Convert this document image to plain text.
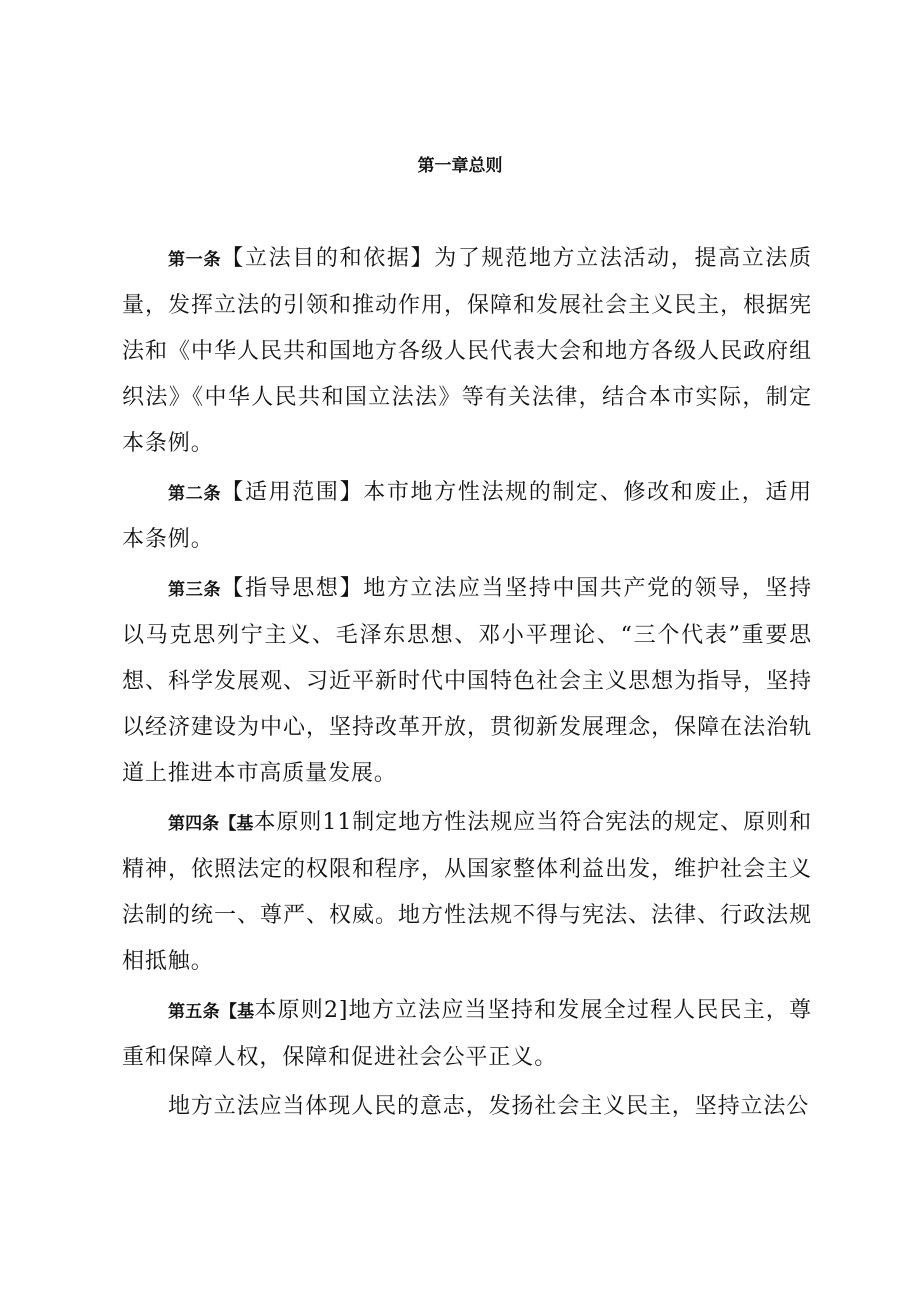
第一章总则

第一条【立法目的和依据】为了规范地方立法活动，提高立法质量，发挥立法的引领和推动作用，保障和发展社会主义民主，根据宪法和《中华人民共和国地方各级人民代表大会和地方各级人民政府组织法》《中华人民共和国立法法》等有关法律，结合本市实际，制定本条例。

第二条【适用范围】本市地方性法规的制定、修改和废止，适用本条例。

第三条【指导思想】地方立法应当坚持中国共产党的领导，坚持以马克思列宁主义、毛泽东思想、邓小平理论、“三个代表”重要思想、科学发展观、习近平新时代中国特色社会主义思想为指导，坚持以经济建设为中心，坚持改革开放，贯彻新发展理念，保障在法治轨道上推进本市高质量发展。

第四条【基本原则11制定地方性法规应当符合宪法的规定、原则和精神，依照法定的权限和程序，从国家整体利益出发，维护社会主义法制的统一、尊严、权威。地方性法规不得与宪法、法律、行政法规相抵触。

第五条【基本原则2]地方立法应当坚持和发展全过程人民民主，尊重和保障人权，保障和促进社会公平正义。

地方立法应当体现人民的意志，发扬社会主义民主，坚持立法公
